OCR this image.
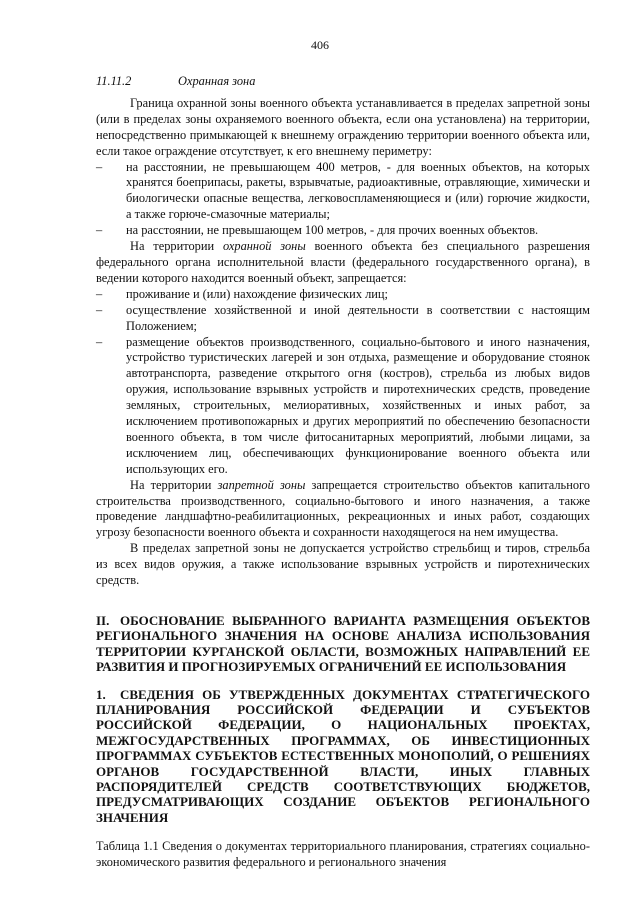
406
11.11.2	Охранная зона

Граница охранной зоны военного объекта устанавливается в пределах запретной зоны (или в пределах зоны охраняемого военного объекта, если она установлена) на территории, непосредственно примыкающей к внешнему ограждению территории военного объекта или, если такое ограждение отсутствует, к его внешнему периметру:

– на расстоянии, не превышающем 400 метров, - для военных объектов, на которых хранятся боеприпасы, ракеты, взрывчатые, радиоактивные, отравляющие, химически и биологически опасные вещества, легковоспламеняющиеся и (или) горючие жидкости, а также горюче-смазочные материалы;

– на расстоянии, не превышающем 100 метров, - для прочих военных объектов.

На территории охранной зоны военного объекта без специального разрешения федерального органа исполнительной власти (федерального государственного органа), в ведении которого находится военный объект, запрещается:

– проживание и (или) нахождение физических лиц;

– осуществление хозяйственной и иной деятельности в соответствии с настоящим Положением;

– размещение объектов производственного, социально-бытового и иного назначения, устройство туристических лагерей и зон отдыха, размещение и оборудование стоянок автотранспорта, разведение открытого огня (костров), стрельба из любых видов оружия, использование взрывных устройств и пиротехнических средств, проведение земляных, строительных, мелиоративных, хозяйственных и иных работ, за исключением противопожарных и других мероприятий по обеспечению безопасности военного объекта, в том числе фитосанитарных мероприятий, любыми лицами, за исключением лиц, обеспечивающих функционирование военного объекта или использующих его.

На территории запретной зоны запрещается строительство объектов капитального строительства производственного, социально-бытового и иного назначения, а также проведение ландшафтно-реабилитационных, рекреационных и иных работ, создающих угрозу безопасности военного объекта и сохранности находящегося на нем имущества.

В пределах запретной зоны не допускается устройство стрельбищ и тиров, стрельба из всех видов оружия, а также использование взрывных устройств и пиротехнических средств.

II. ОБОСНОВАНИЕ ВЫБРАННОГО ВАРИАНТА РАЗМЕЩЕНИЯ ОБЪЕКТОВ РЕГИОНАЛЬНОГО ЗНАЧЕНИЯ НА ОСНОВЕ АНАЛИЗА ИСПОЛЬЗОВАНИЯ ТЕРРИТОРИИ КУРГАНСКОЙ ОБЛАСТИ, ВОЗМОЖНЫХ НАПРАВЛЕНИЙ ЕЕ РАЗВИТИЯ И ПРОГНОЗИРУЕМЫХ ОГРАНИЧЕНИЙ ЕЕ ИСПОЛЬЗОВАНИЯ
1. СВЕДЕНИЯ ОБ УТВЕРЖДЕННЫХ ДОКУМЕНТАХ СТРАТЕГИЧЕСКОГО ПЛАНИРОВАНИЯ РОССИЙСКОЙ ФЕДЕРАЦИИ И СУБЪЕКТОВ РОССИЙСКОЙ ФЕДЕРАЦИИ, О НАЦИОНАЛЬНЫХ ПРОЕКТАХ, МЕЖГОСУДАРСТВЕННЫХ ПРОГРАММАХ, ОБ ИНВЕСТИЦИОННЫХ ПРОГРАММАХ СУБЪЕКТОВ ЕСТЕСТВЕННЫХ МОНОПОЛИЙ, О РЕШЕНИЯХ ОРГАНОВ ГОСУДАРСТВЕННОЙ ВЛАСТИ, ИНЫХ ГЛАВНЫХ РАСПОРЯДИТЕЛЕЙ СРЕДСТВ СООТВЕТСТВУЮЩИХ БЮДЖЕТОВ, ПРЕДУСМАТРИВАЮЩИХ СОЗДАНИЕ ОБЪЕКТОВ РЕГИОНАЛЬНОГО ЗНАЧЕНИЯ

Таблица 1.1 Сведения о документах территориального планирования, стратегиях социально-экономического развития федерального и регионального значения
